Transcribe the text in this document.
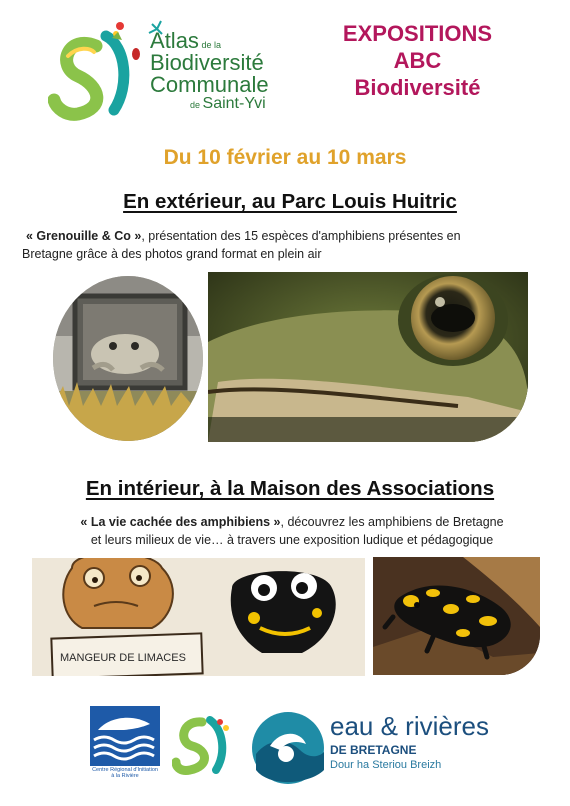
Atlas de la
Biodiversité
Communale
de Saint-Yvi
EXPOSITIONS
ABC
Biodiversité
Du 10 février au 10 mars
En extérieur, au Parc Louis Huitric
« Grenouille & Co », présentation des 15 espèces d'amphibiens présentes en
Bretagne grâce à des photos grand format en plein air
En intérieur, à la Maison des Associations
« La vie cachée des amphibiens », découvrez les amphibiens de Bretagne
et leurs milieux de vie… à travers une exposition ludique et pédagogique
MANGEUR DE LIMACES
Centre Régional d'Initiation à la Rivière
eau & rivières
DE BRETAGNE
Dour ha Steriou Breizh
